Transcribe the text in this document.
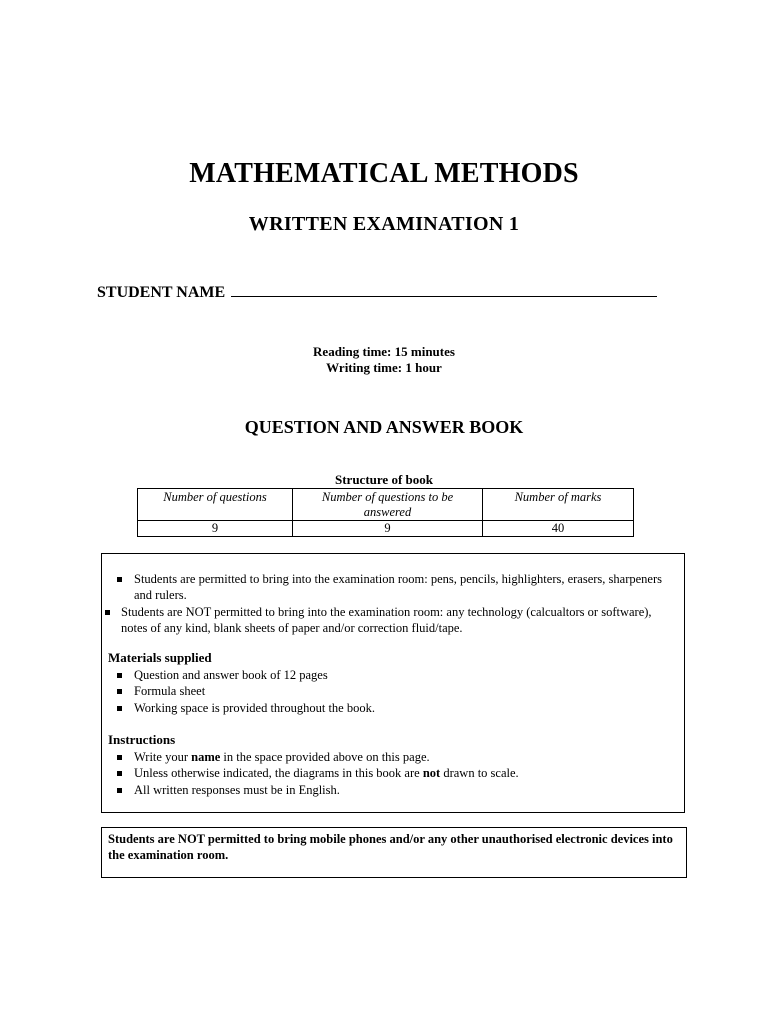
MATHEMATICAL METHODS
WRITTEN EXAMINATION 1
STUDENT NAME
Reading time: 15 minutes
Writing time: 1 hour
QUESTION AND ANSWER BOOK
Structure of book
Number of questions	Number of questions to be answered	Number of marks
9	9	40
Students are permitted to bring into the examination room: pens, pencils, highlighters, erasers, sharpeners and rulers.
Students are NOT permitted to bring into the examination room: any technology (calcualtors or software), notes of any kind, blank sheets of paper and/or correction fluid/tape.
Materials supplied
Question and answer book of 12 pages
Formula sheet
Working space is provided throughout the book.
Instructions
Write your name in the space provided above on this page.
Unless otherwise indicated, the diagrams in this book are not drawn to scale.
All written responses must be in English.
Students are NOT permitted to bring mobile phones and/or any other unauthorised electronic devices into the examination room.
